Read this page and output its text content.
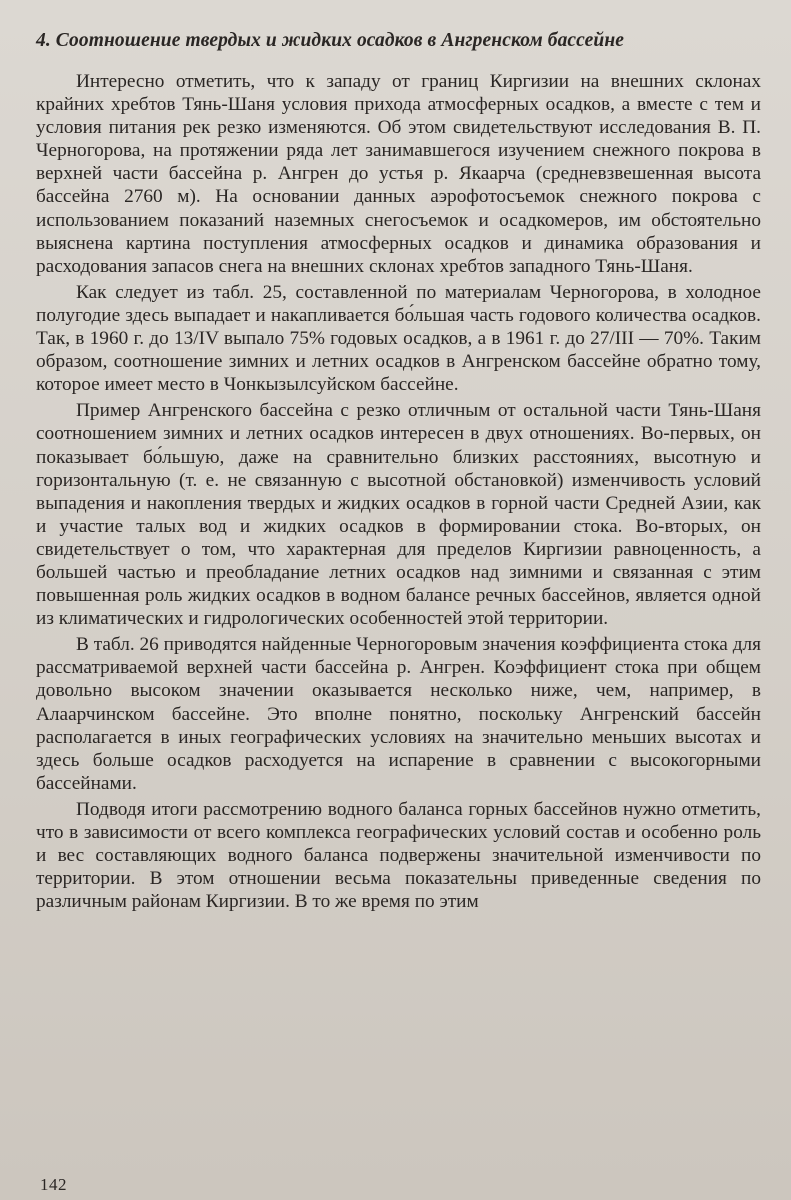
4. Соотношение твердых и жидких осадков в Ангренском бассейне

Интересно отметить, что к западу от границ Киргизии на внешних склонах крайних хребтов Тянь-Шаня условия прихода атмосферных осадков, а вместе с тем и условия питания рек резко изменяются. Об этом свидетельствуют исследования В. П. Черногорова, на протяжении ряда лет занимавшегося изучением снежного покрова в верхней части бассейна р. Ангрен до устья р. Якаарча (средневзвешенная высота бассейна 2760 м). На основании данных аэрофотосъемок снежного покрова с использованием показаний наземных снегосъемок и осадкомеров, им обстоятельно выяснена картина поступления атмосферных осадков и динамика образования и расходования запасов снега на внешних склонах хребтов западного Тянь-Шаня.

Как следует из табл. 25, составленной по материалам Черногорова, в холодное полугодие здесь выпадает и накапливается бо́льшая часть годового количества осадков. Так, в 1960 г. до 13/IV выпало 75% годовых осадков, а в 1961 г. до 27/III — 70%. Таким образом, соотношение зимних и летних осадков в Ангренском бассейне обратно тому, которое имеет место в Чонкызылсуйском бассейне.

Пример Ангренского бассейна с резко отличным от остальной части Тянь-Шаня соотношением зимних и летних осадков интересен в двух отношениях. Во-первых, он показывает бо́льшую, даже на сравнительно близких расстояниях, высотную и горизонтальную (т. е. не связанную с высотной обстановкой) изменчивость условий выпадения и накопления твердых и жидких осадков в горной части Средней Азии, как и участие талых вод и жидких осадков в формировании стока. Во-вторых, он свидетельствует о том, что характерная для пределов Киргизии равноценность, а большей частью и преобладание летних осадков над зимними и связанная с этим повышенная роль жидких осадков в водном балансе речных бассейнов, является одной из климатических и гидрологических особенностей этой территории.

В табл. 26 приводятся найденные Черногоровым значения коэффициента стока для рассматриваемой верхней части бассейна р. Ангрен. Коэффициент стока при общем довольно высоком значении оказывается несколько ниже, чем, например, в Алаарчинском бассейне. Это вполне понятно, поскольку Ангренский бассейн располагается в иных географических условиях на значительно меньших высотах и здесь больше осадков расходуется на испарение в сравнении с высокогорными бассейнами.

Подводя итоги рассмотрению водного баланса горных бассейнов нужно отметить, что в зависимости от всего комплекса географических условий состав и особенно роль и вес составляющих водного баланса подвержены значительной изменчивости по территории. В этом отношении весьма показательны приведенные сведения по различным районам Киргизии. В то же время по этим

142
